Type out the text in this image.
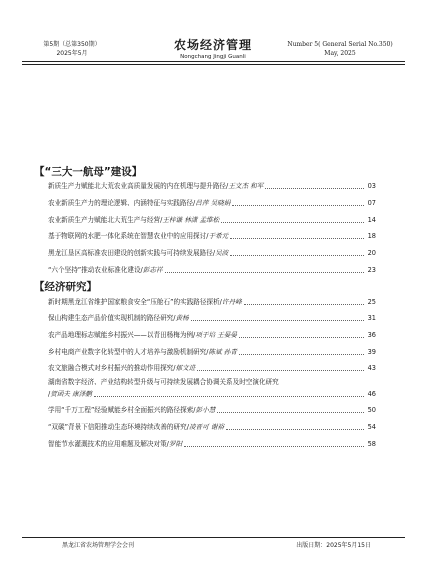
第5期（总第350期）
2025年5月
农场经济管理
Nongchang Jingji Guanli
Number 5( General Serial No.350)
May, 2025
【“三大一航母”建设】
新质生产力赋能北大荒农业高质量发展的内在机理与提升路径/ 王文杰 和军	03
农业新质生产力的理论逻辑、内涵特征与实践路径/ 吕萍 吴晓娟	07
农业新质生产力赋能北大荒生产与经营/ 王梓谦 林潇 孟维松	14
基于物联网的水肥一体化系统在智慧农业中的应用探讨/ 于希元	18
黑龙江垦区高标准农田建设的创新实践与可持续发展路径/ 吴波	20
“六个坚持”推动农业标准化建设/ 彭志祥	23
【经济研究】
新时期黑龙江省维护国家粮食安全“压舱石”的实践路径探析/ 许丹峰	25
保山构建生态产品价值实现机制的路径研究/ 黄杨	31
农产品地理标志赋能乡村振兴——以青田杨梅为例/ 项于培 王晏晏	36
乡村电商产业数字化转型中的人才培养与激励机制研究/ 陈斌 孙青	39
农文旅融合模式对乡村振兴的推动作用探究/ 郁文进	43
湖南省数字经济、产业结构转型升级与可持续发展耦合协调关系及时空演化研究
/ 贺函夫 康泽鹏	46
学用“千万工程”经验赋能乡村全面振兴的路径探索/ 彭小慧	50
“双碳”背景下信阳推动生态环境持续改善的研究/ 凌晋可 谢裕	54
智能节水灌溉技术的应用难题及解决对策/ 罗阳	58
黑龙江省农场管理学会会刊	出版日期：2025年5月15日
